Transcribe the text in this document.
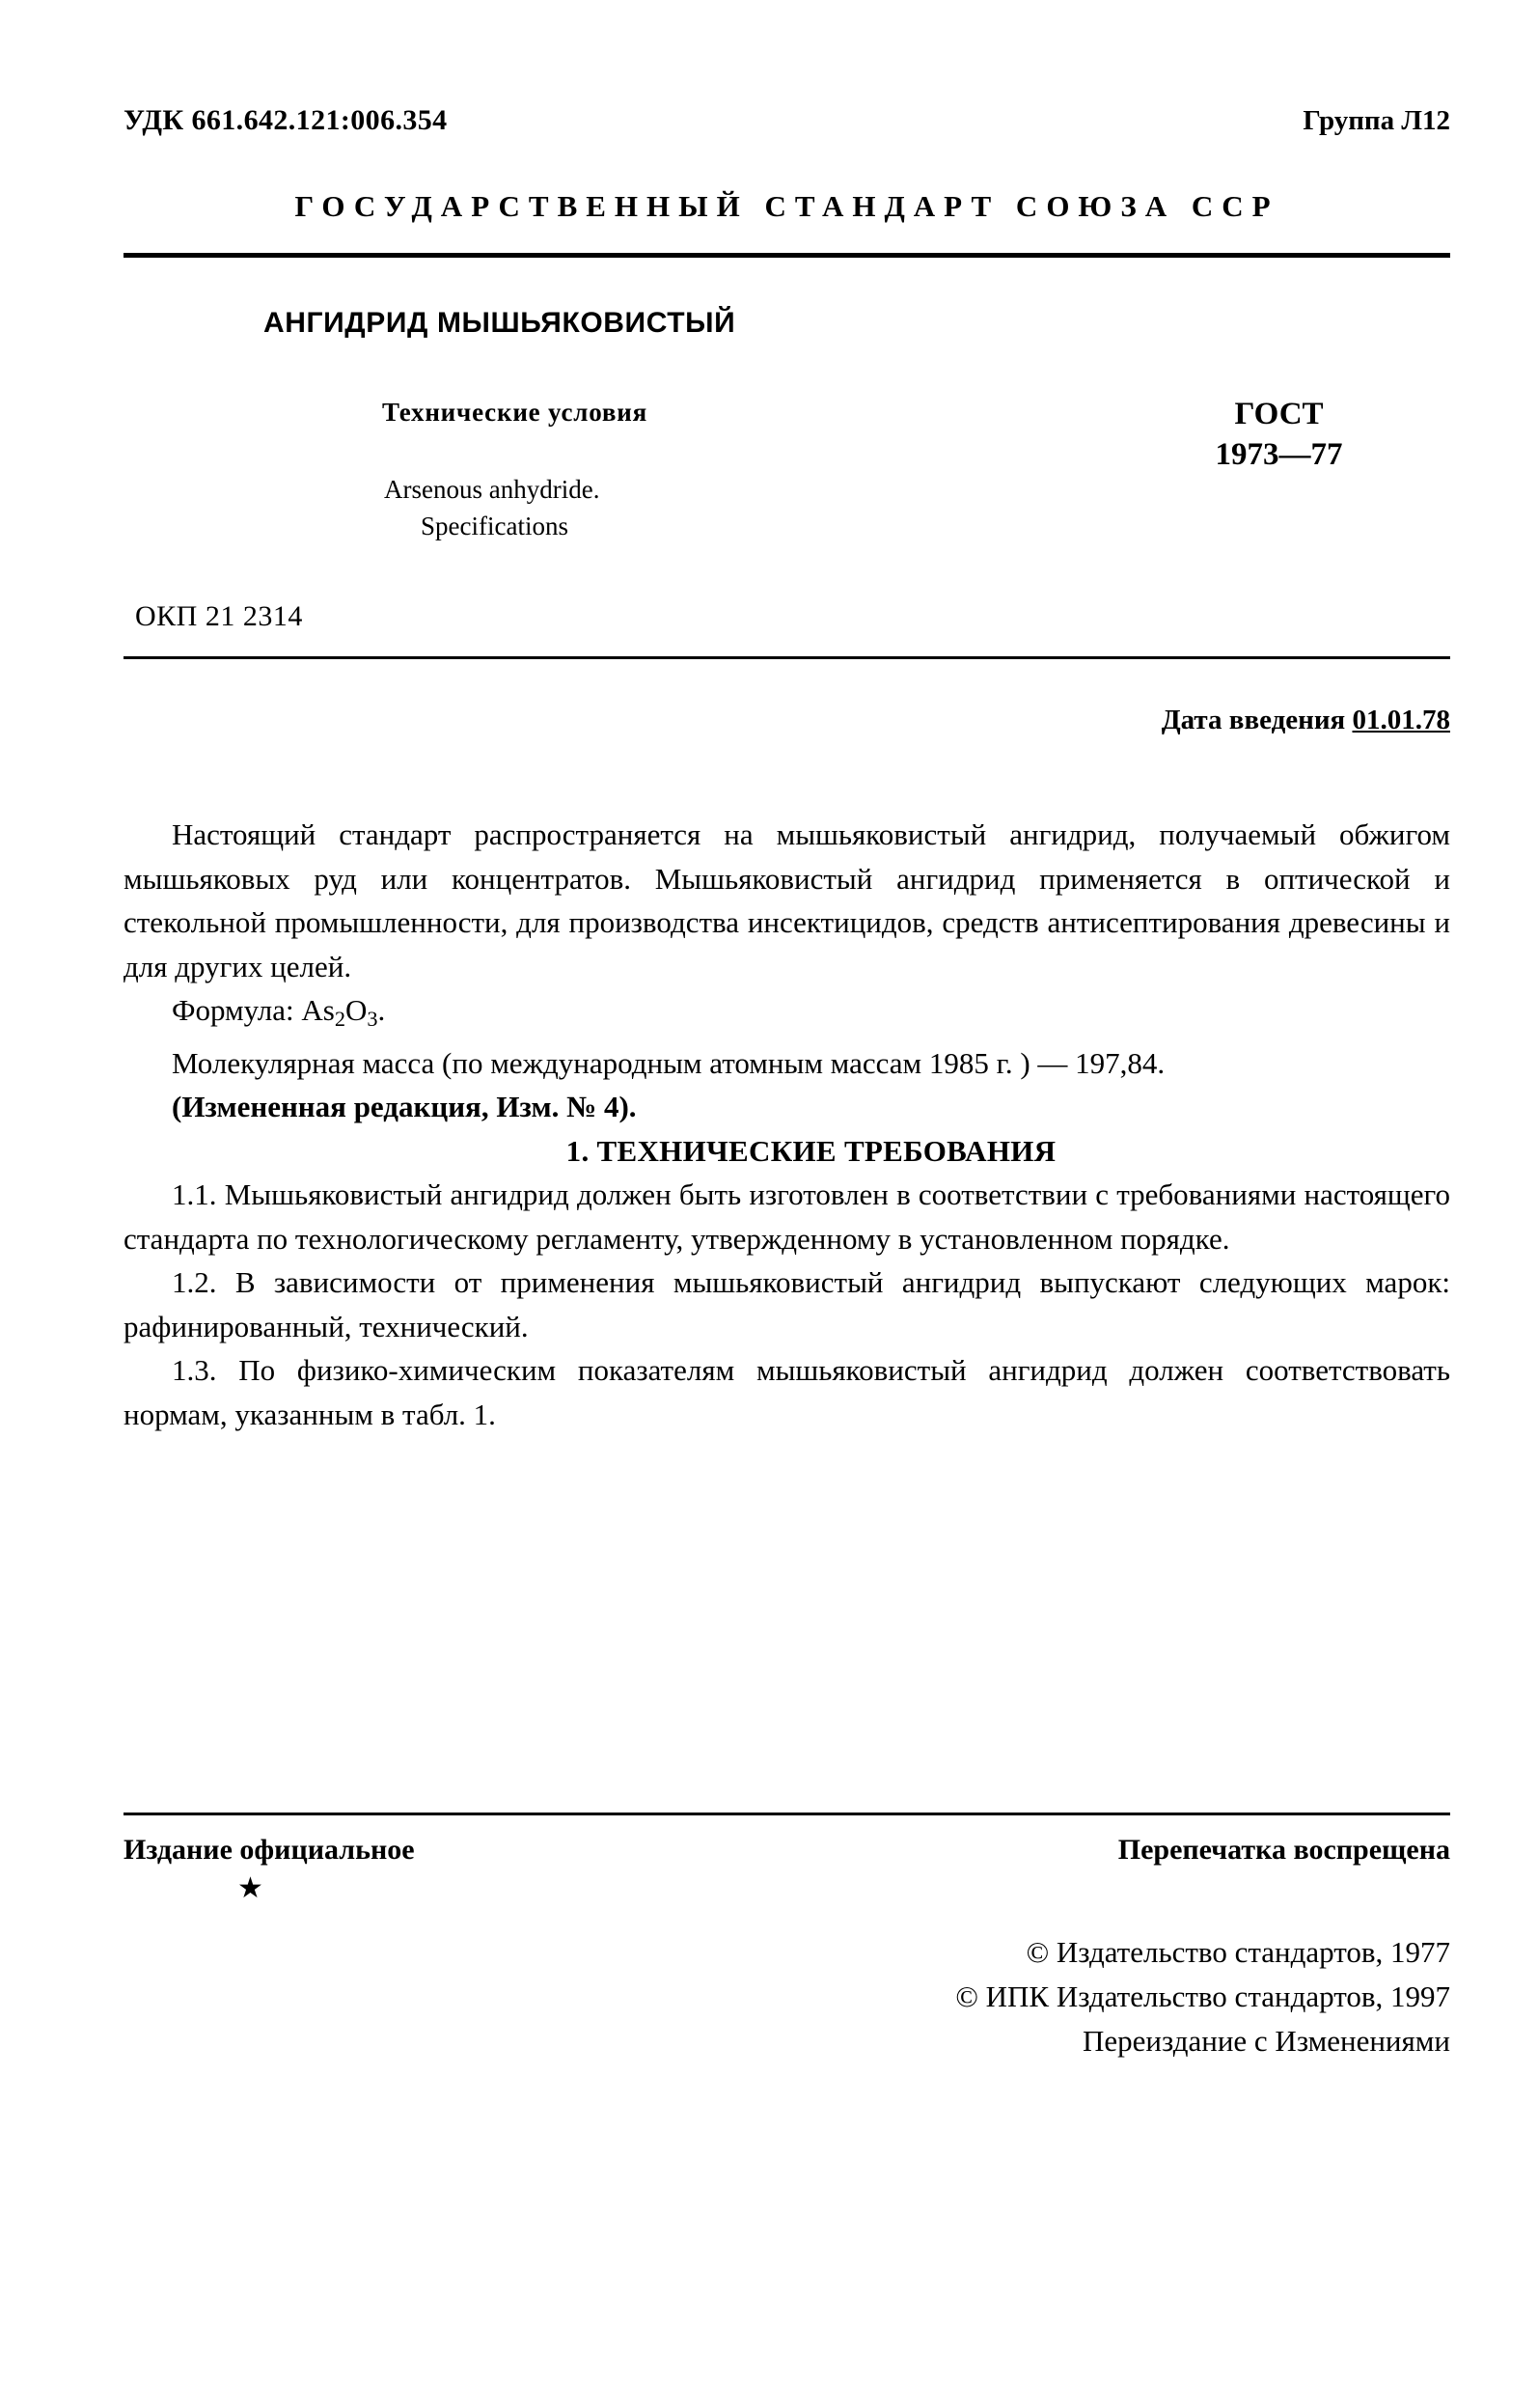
УДК 661.642.121:006.354	Группа Л12
ГОСУДАРСТВЕННЫЙ СТАНДАРТ СОЮЗА ССР
АНГИДРИД МЫШЬЯКОВИСТЫЙ
Технические условия
Arsenous anhydride.
Specifications
ГОСТ
1973—77
ОКП 21 2314
Дата введения 01.01.78

Настоящий стандарт распространяется на мышьяковистый ангидрид, получаемый обжигом мышьяковых руд или концентратов. Мышьяковистый ангидрид применяется в оптической и стекольной промышленности, для производства инсектицидов, средств антисептирования древесины и для других целей.

Формула: $As_2O_3$.

Молекулярная масса (по международным атомным массам 1985 г. ) — 197,84.

(Измененная редакция, Изм. № 4).

1. ТЕХНИЧЕСКИЕ ТРЕБОВАНИЯ

1.1. Мышьяковистый ангидрид должен быть изготовлен в соответствии с требованиями настоящего стандарта по технологическому регламенту, утвержденному в установленном порядке.

1.2. В зависимости от применения мышьяковистый ангидрид выпускают следующих марок: рафинированный, технический.

1.3. По физико-химическим показателям мышьяковистый ангидрид должен соответствовать нормам, указанным в табл. 1.

Издание официальное	Перепечатка воспрещена
★
© Издательство стандартов, 1977
© ИПК Издательство стандартов, 1997
Переиздание с Изменениями
